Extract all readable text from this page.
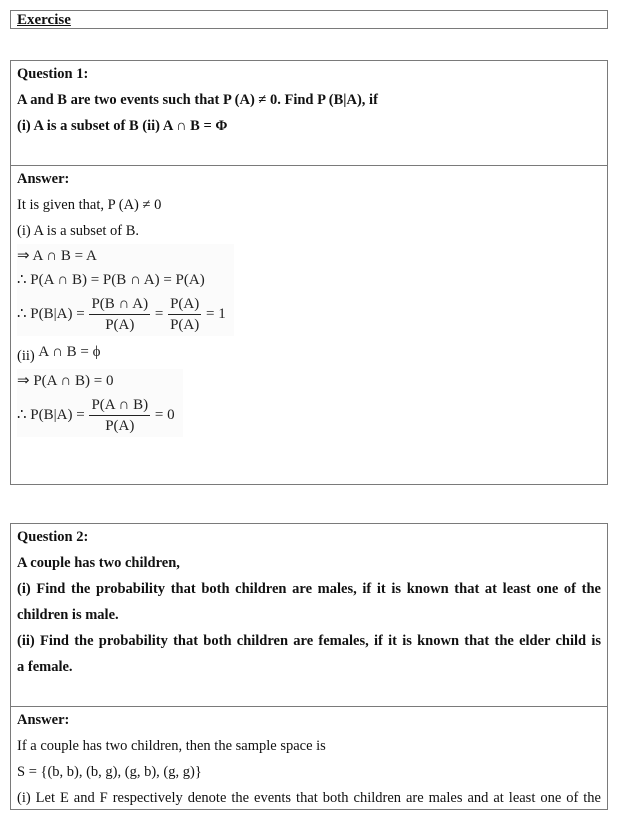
Exercise
Question 1:
A and B are two events such that P (A) ≠ 0. Find P (B|A), if
(i) A is a subset of B (ii) A ∩ B = Φ
Answer:
It is given that, P (A) ≠ 0
(i) A is a subset of B.
⇒ A ∩ B = A
∴ P(A ∩ B) = P(B ∩ A) = P(A)
∴ $P(B|A) = \frac{P(B \cap A)}{P(A)} = \frac{P(A)}{P(A)} = 1$
(ii) A ∩ B = ϕ
⇒ P(A ∩ B) = 0
∴ $P(B|A) = \frac{P(A \cap B)}{P(A)} = 0$
Question 2:
A couple has two children,
(i) Find the probability that both children are males, if it is known that at least one of the
children is male.
(ii) Find the probability that both children are females, if it is known that the elder child is
a female.
Answer:
If a couple has two children, then the sample space is
S = {(b, b), (b, g), (g, b), (g, g)}
(i) Let E and F respectively denote the events that both children are males and at least one of the
